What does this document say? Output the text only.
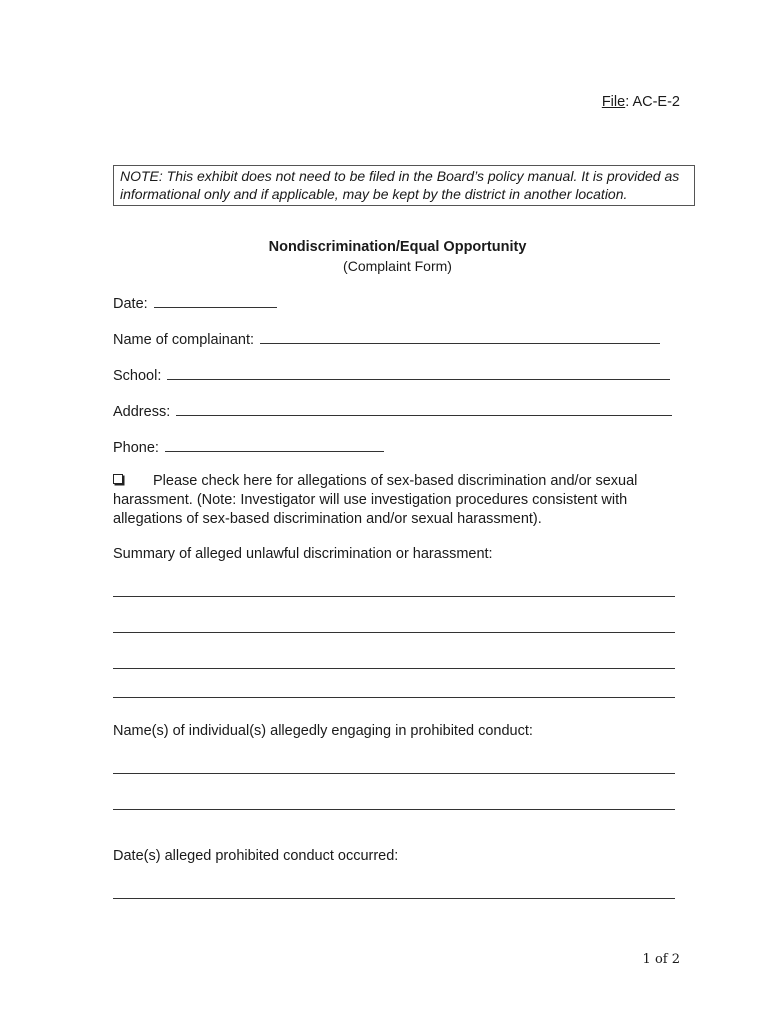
File: AC-E-2
NOTE: This exhibit does not need to be filed in the Board’s policy manual. It is provided as informational only and if applicable, may be kept by the district in another location.
Nondiscrimination/Equal Opportunity
(Complaint Form)
Date:
Name of complainant:
School:
Address:
Phone:
Please check here for allegations of sex-based discrimination and/or sexual harassment. (Note: Investigator will use investigation procedures consistent with allegations of sex-based discrimination and/or sexual harassment).
Summary of alleged unlawful discrimination or harassment:
Name(s) of individual(s) allegedly engaging in prohibited conduct:
Date(s) alleged prohibited conduct occurred:
1 of 2
